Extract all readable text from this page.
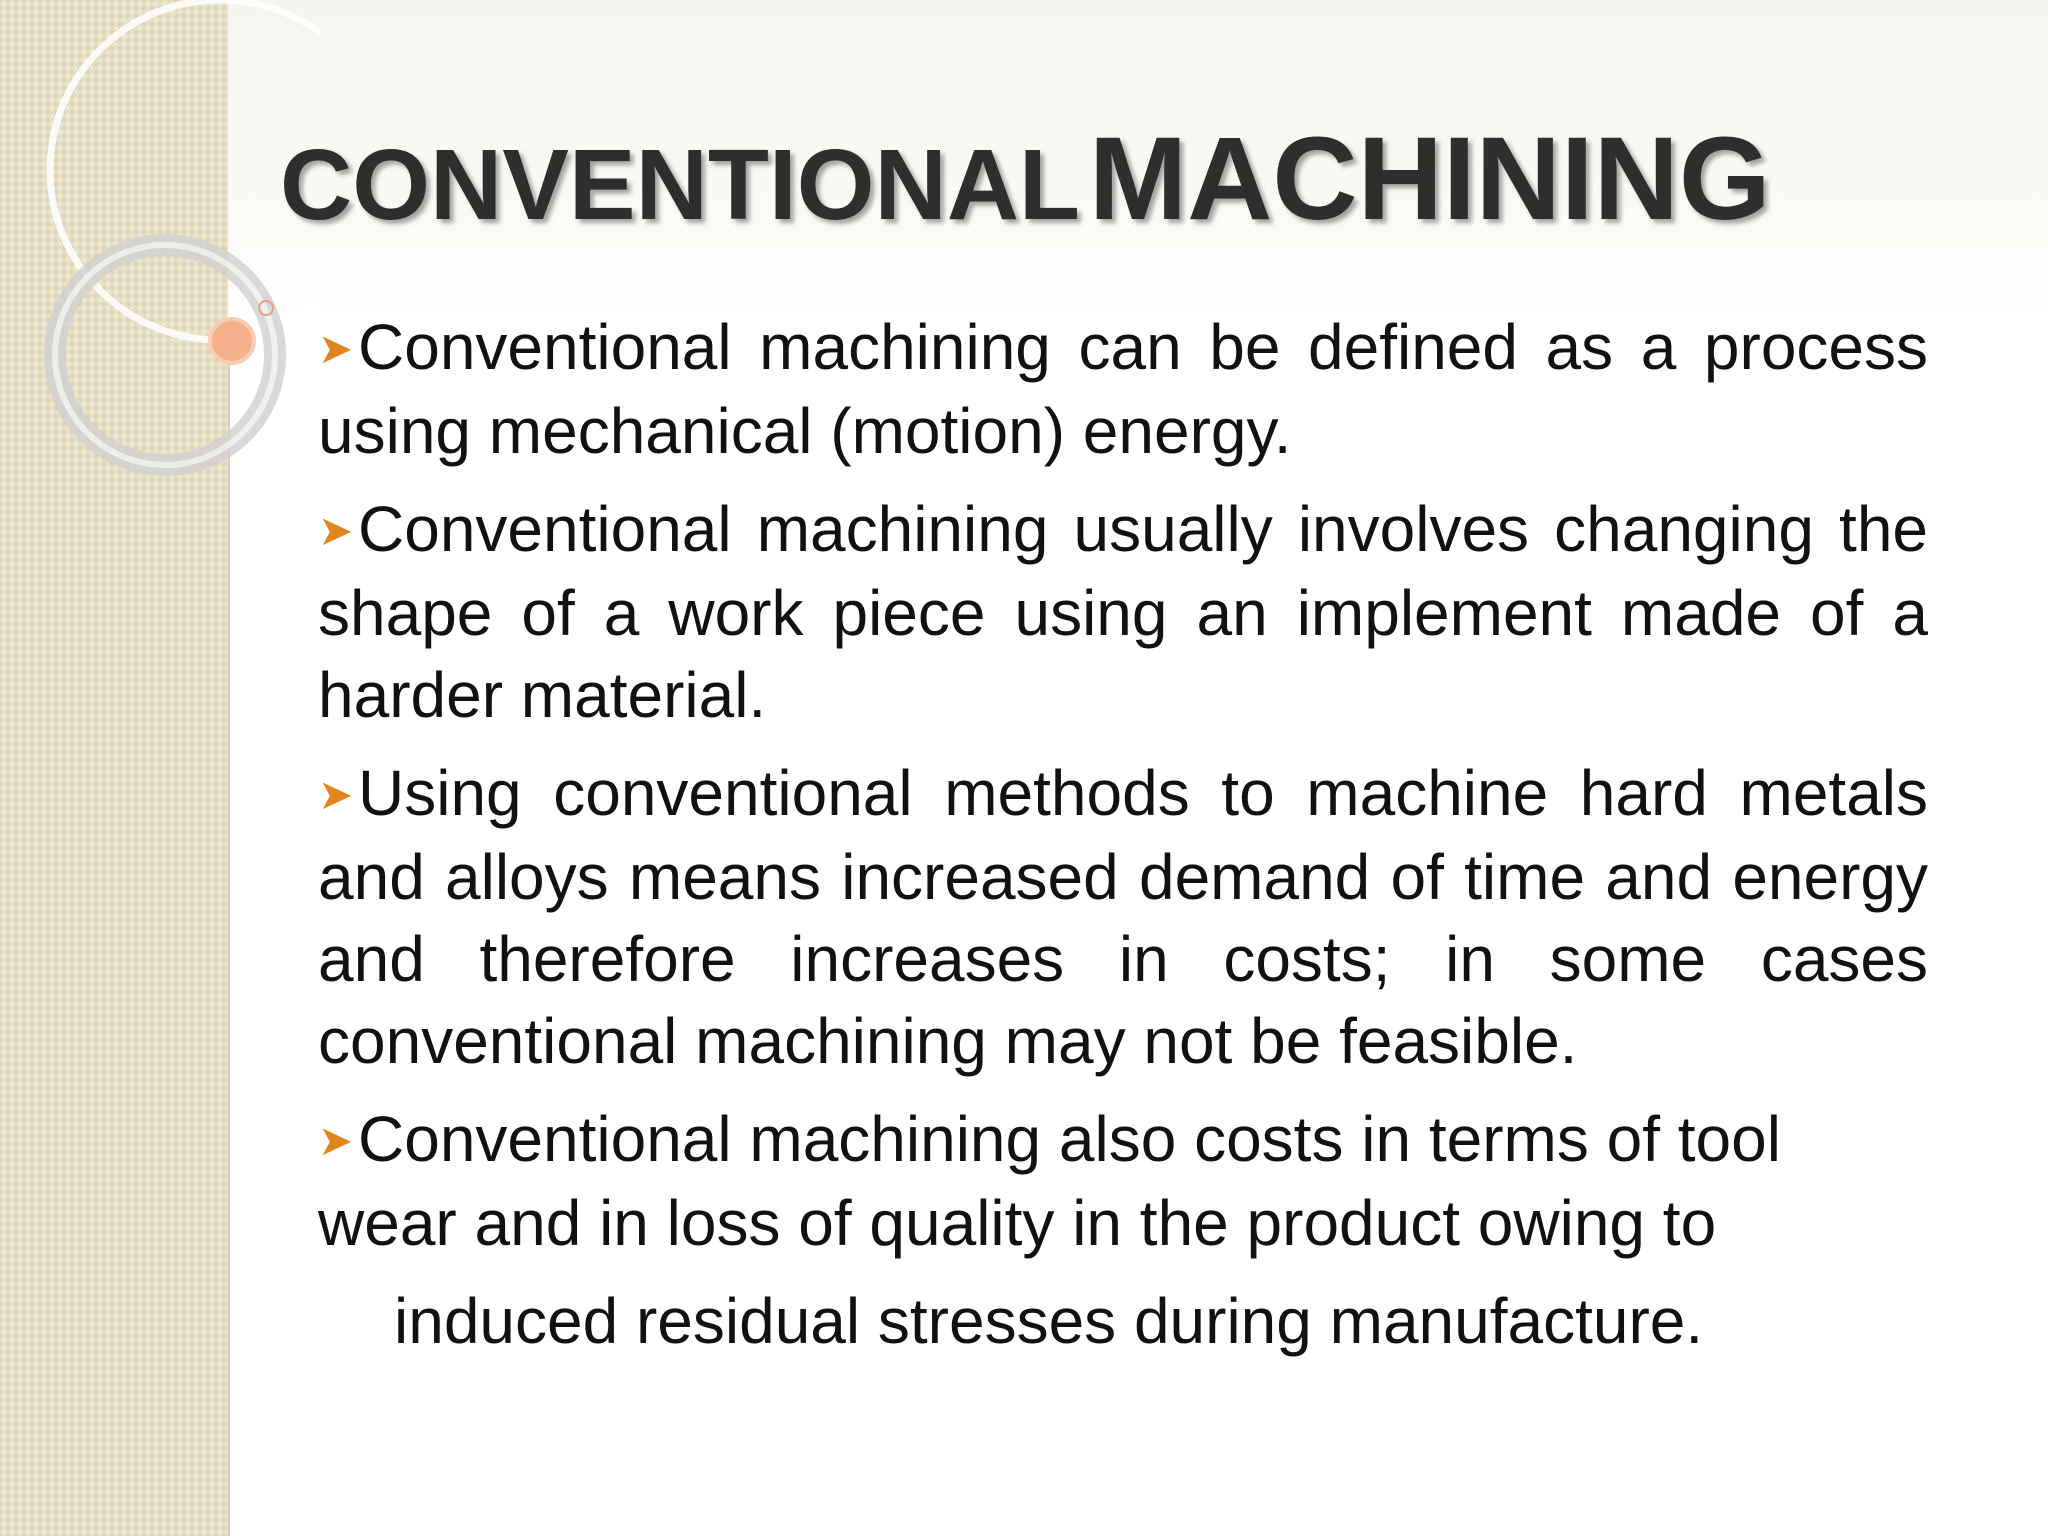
CONVENTIONAL MACHINING

➤Conventional machining can be defined as a process using mechanical (motion) energy.

➤Conventional machining usually involves changing the shape of a work piece using an implement made of a harder material.

➤Using conventional methods to machine hard metals and alloys means increased demand of time and energy and therefore increases in costs; in some cases conventional machining may not be feasible.

➤Conventional machining also costs in terms of tool wear and in loss of quality in the product owing to

induced residual stresses during manufacture.
